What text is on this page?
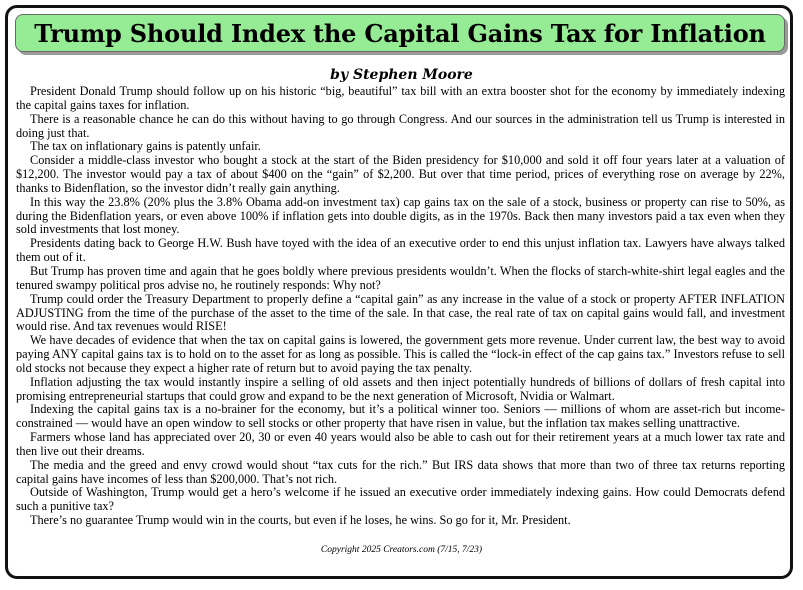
Trump Should Index the Capital Gains Tax for Inflation
by Stephen Moore

President Donald Trump should follow up on his historic “big, beautiful” tax bill with an extra booster shot for the economy by immediately indexing the capital gains taxes for inflation.

There is a reasonable chance he can do this without having to go through Congress. And our sources in the administration tell us Trump is interested in doing just that.

The tax on inflationary gains is patently unfair.

Consider a middle-class investor who bought a stock at the start of the Biden presidency for $10,000 and sold it off four years later at a valuation of $12,200. The investor would pay a tax of about $400 on the “gain” of $2,200. But over that time period, prices of everything rose on average by 22%, thanks to Bidenflation, so the investor didn’t really gain anything.

In this way the 23.8% (20% plus the 3.8% Obama add-on investment tax) cap gains tax on the sale of a stock, business or property can rise to 50%, as during the Bidenflation years, or even above 100% if inflation gets into double digits, as in the 1970s. Back then many investors paid a tax even when they sold investments that lost money.

Presidents dating back to George H.W. Bush have toyed with the idea of an executive order to end this unjust inflation tax. Lawyers have always talked them out of it.

But Trump has proven time and again that he goes boldly where previous presidents wouldn’t. When the flocks of starch-white-shirt legal eagles and the tenured swampy political pros advise no, he routinely responds: Why not?

Trump could order the Treasury Department to properly define a “capital gain” as any increase in the value of a stock or property AFTER INFLATION ADJUSTING from the time of the purchase of the asset to the time of the sale. In that case, the real rate of tax on capital gains would fall, and investment would rise. And tax revenues would RISE!

We have decades of evidence that when the tax on capital gains is lowered, the government gets more revenue. Under current law, the best way to avoid paying ANY capital gains tax is to hold on to the asset for as long as possible. This is called the “lock-in effect of the cap gains tax.” Investors refuse to sell old stocks not because they expect a higher rate of return but to avoid paying the tax penalty.

Inflation adjusting the tax would instantly inspire a selling of old assets and then inject potentially hundreds of billions of dollars of fresh capital into promising entrepreneurial startups that could grow and expand to be the next generation of Microsoft, Nvidia or Walmart.

Indexing the capital gains tax is a no-brainer for the economy, but it’s a political winner too. Seniors — millions of whom are asset-rich but income-constrained — would have an open window to sell stocks or other property that have risen in value, but the inflation tax makes selling unattractive.

Farmers whose land has appreciated over 20, 30 or even 40 years would also be able to cash out for their retirement years at a much lower tax rate and then live out their dreams.

The media and the greed and envy crowd would shout “tax cuts for the rich.” But IRS data shows that more than two of three tax returns reporting capital gains have incomes of less than $200,000. That’s not rich.

Outside of Washington, Trump would get a hero’s welcome if he issued an executive order immediately indexing gains. How could Democrats defend such a punitive tax?

There’s no guarantee Trump would win in the courts, but even if he loses, he wins. So go for it, Mr. President.

Copyright 2025 Creators.com (7/15, 7/23)
